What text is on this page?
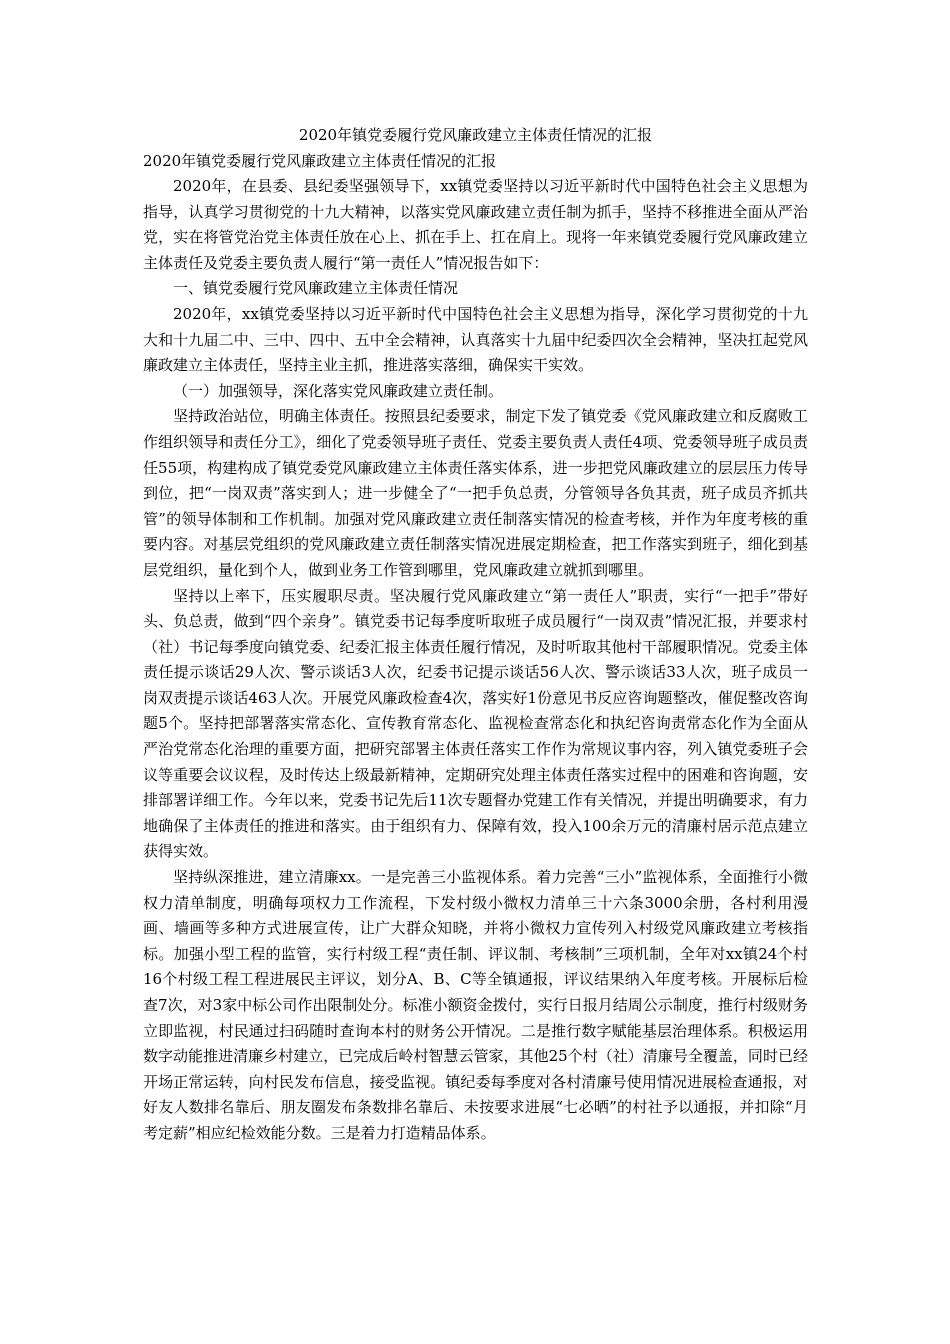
2020年镇党委履行党风廉政建立主体责任情况的汇报

2020年镇党委履行党风廉政建立主体责任情况的汇报

2020年，在县委、县纪委坚强领导下，xx镇党委坚持以习近平新时代中国特色社会主义思想为指导，认真学习贯彻党的十九大精神，以落实党风廉政建立责任制为抓手，坚持不移推进全面从严治党，实在将管党治党主体责任放在心上、抓在手上、扛在肩上。现将一年来镇党委履行党风廉政建立主体责任及党委主要负责人履行“第一责任人”情况报告如下：

一、镇党委履行党风廉政建立主体责任情况

2020年，xx镇党委坚持以习近平新时代中国特色社会主义思想为指导，深化学习贯彻党的十九大和十九届二中、三中、四中、五中全会精神，认真落实十九届中纪委四次全会精神，坚决扛起党风廉政建立主体责任，坚持主业主抓，推进落实落细，确保实干实效。

（一）加强领导，深化落实党风廉政建立责任制。

坚持政治站位，明确主体责任。按照县纪委要求，制定下发了镇党委《党风廉政建立和反腐败工作组织领导和责任分工》，细化了党委领导班子责任、党委主要负责人责任4项、党委领导班子成员责任55项，构建构成了镇党委党风廉政建立主体责任落实体系，进一步把党风廉政建立的层层压力传导到位，把“一岗双责”落实到人；进一步健全了“一把手负总责，分管领导各负其责，班子成员齐抓共管”的领导体制和工作机制。加强对党风廉政建立责任制落实情况的检查考核，并作为年度考核的重要内容。对基层党组织的党风廉政建立责任制落实情况进展定期检查，把工作落实到班子，细化到基层党组织，量化到个人，做到业务工作管到哪里，党风廉政建立就抓到哪里。

坚持以上率下，压实履职尽责。坚决履行党风廉政建立“第一责任人”职责，实行“一把手”带好头、负总责，做到“四个亲身”。镇党委书记每季度听取班子成员履行“一岗双责”情况汇报，并要求村（社）书记每季度向镇党委、纪委汇报主体责任履行情况，及时听取其他村干部履职情况。党委主体责任提示谈话29人次、警示谈话3人次，纪委书记提示谈话56人次、警示谈话33人次，班子成员一岗双责提示谈话463人次。开展党风廉政检查4次，落实好1份意见书反应咨询题整改，催促整改咨询题5个。坚持把部署落实常态化、宣传教育常态化、监视检查常态化和执纪咨询责常态化作为全面从严治党常态化治理的重要方面，把研究部署主体责任落实工作作为常规议事内容，列入镇党委班子会议等重要会议议程，及时传达上级最新精神，定期研究处理主体责任落实过程中的困难和咨询题，安排部署详细工作。今年以来，党委书记先后11次专题督办党建工作有关情况，并提出明确要求，有力地确保了主体责任的推进和落实。由于组织有力、保障有效，投入100余万元的清廉村居示范点建立获得实效。

坚持纵深推进，建立清廉xx。一是完善三小监视体系。着力完善“三小”监视体系，全面推行小微权力清单制度，明确每项权力工作流程，下发村级小微权力清单三十六条3000余册，各村利用漫画、墙画等多种方式进展宣传，让广大群众知晓，并将小微权力宣传列入村级党风廉政建立考核指标。加强小型工程的监管，实行村级工程“责任制、评议制、考核制”三项机制，全年对xx镇24个村16个村级工程工程进展民主评议，划分A、B、C等全镇通报，评议结果纳入年度考核。开展标后检查7次，对3家中标公司作出限制处分。标准小额资金拨付，实行日报月结周公示制度，推行村级财务立即监视，村民通过扫码随时查询本村的财务公开情况。二是推行数字赋能基层治理体系。积极运用数字动能推进清廉乡村建立，已完成后岭村智慧云管家，其他25个村（社）清廉号全覆盖，同时已经开场正常运转，向村民发布信息，接受监视。镇纪委每季度对各村清廉号使用情况进展检查通报，对好友人数排名靠后、朋友圈发布条数排名靠后、未按要求进展“七必晒”的村社予以通报，并扣除“月考定薪”相应纪检效能分数。三是着力打造精品体系。
